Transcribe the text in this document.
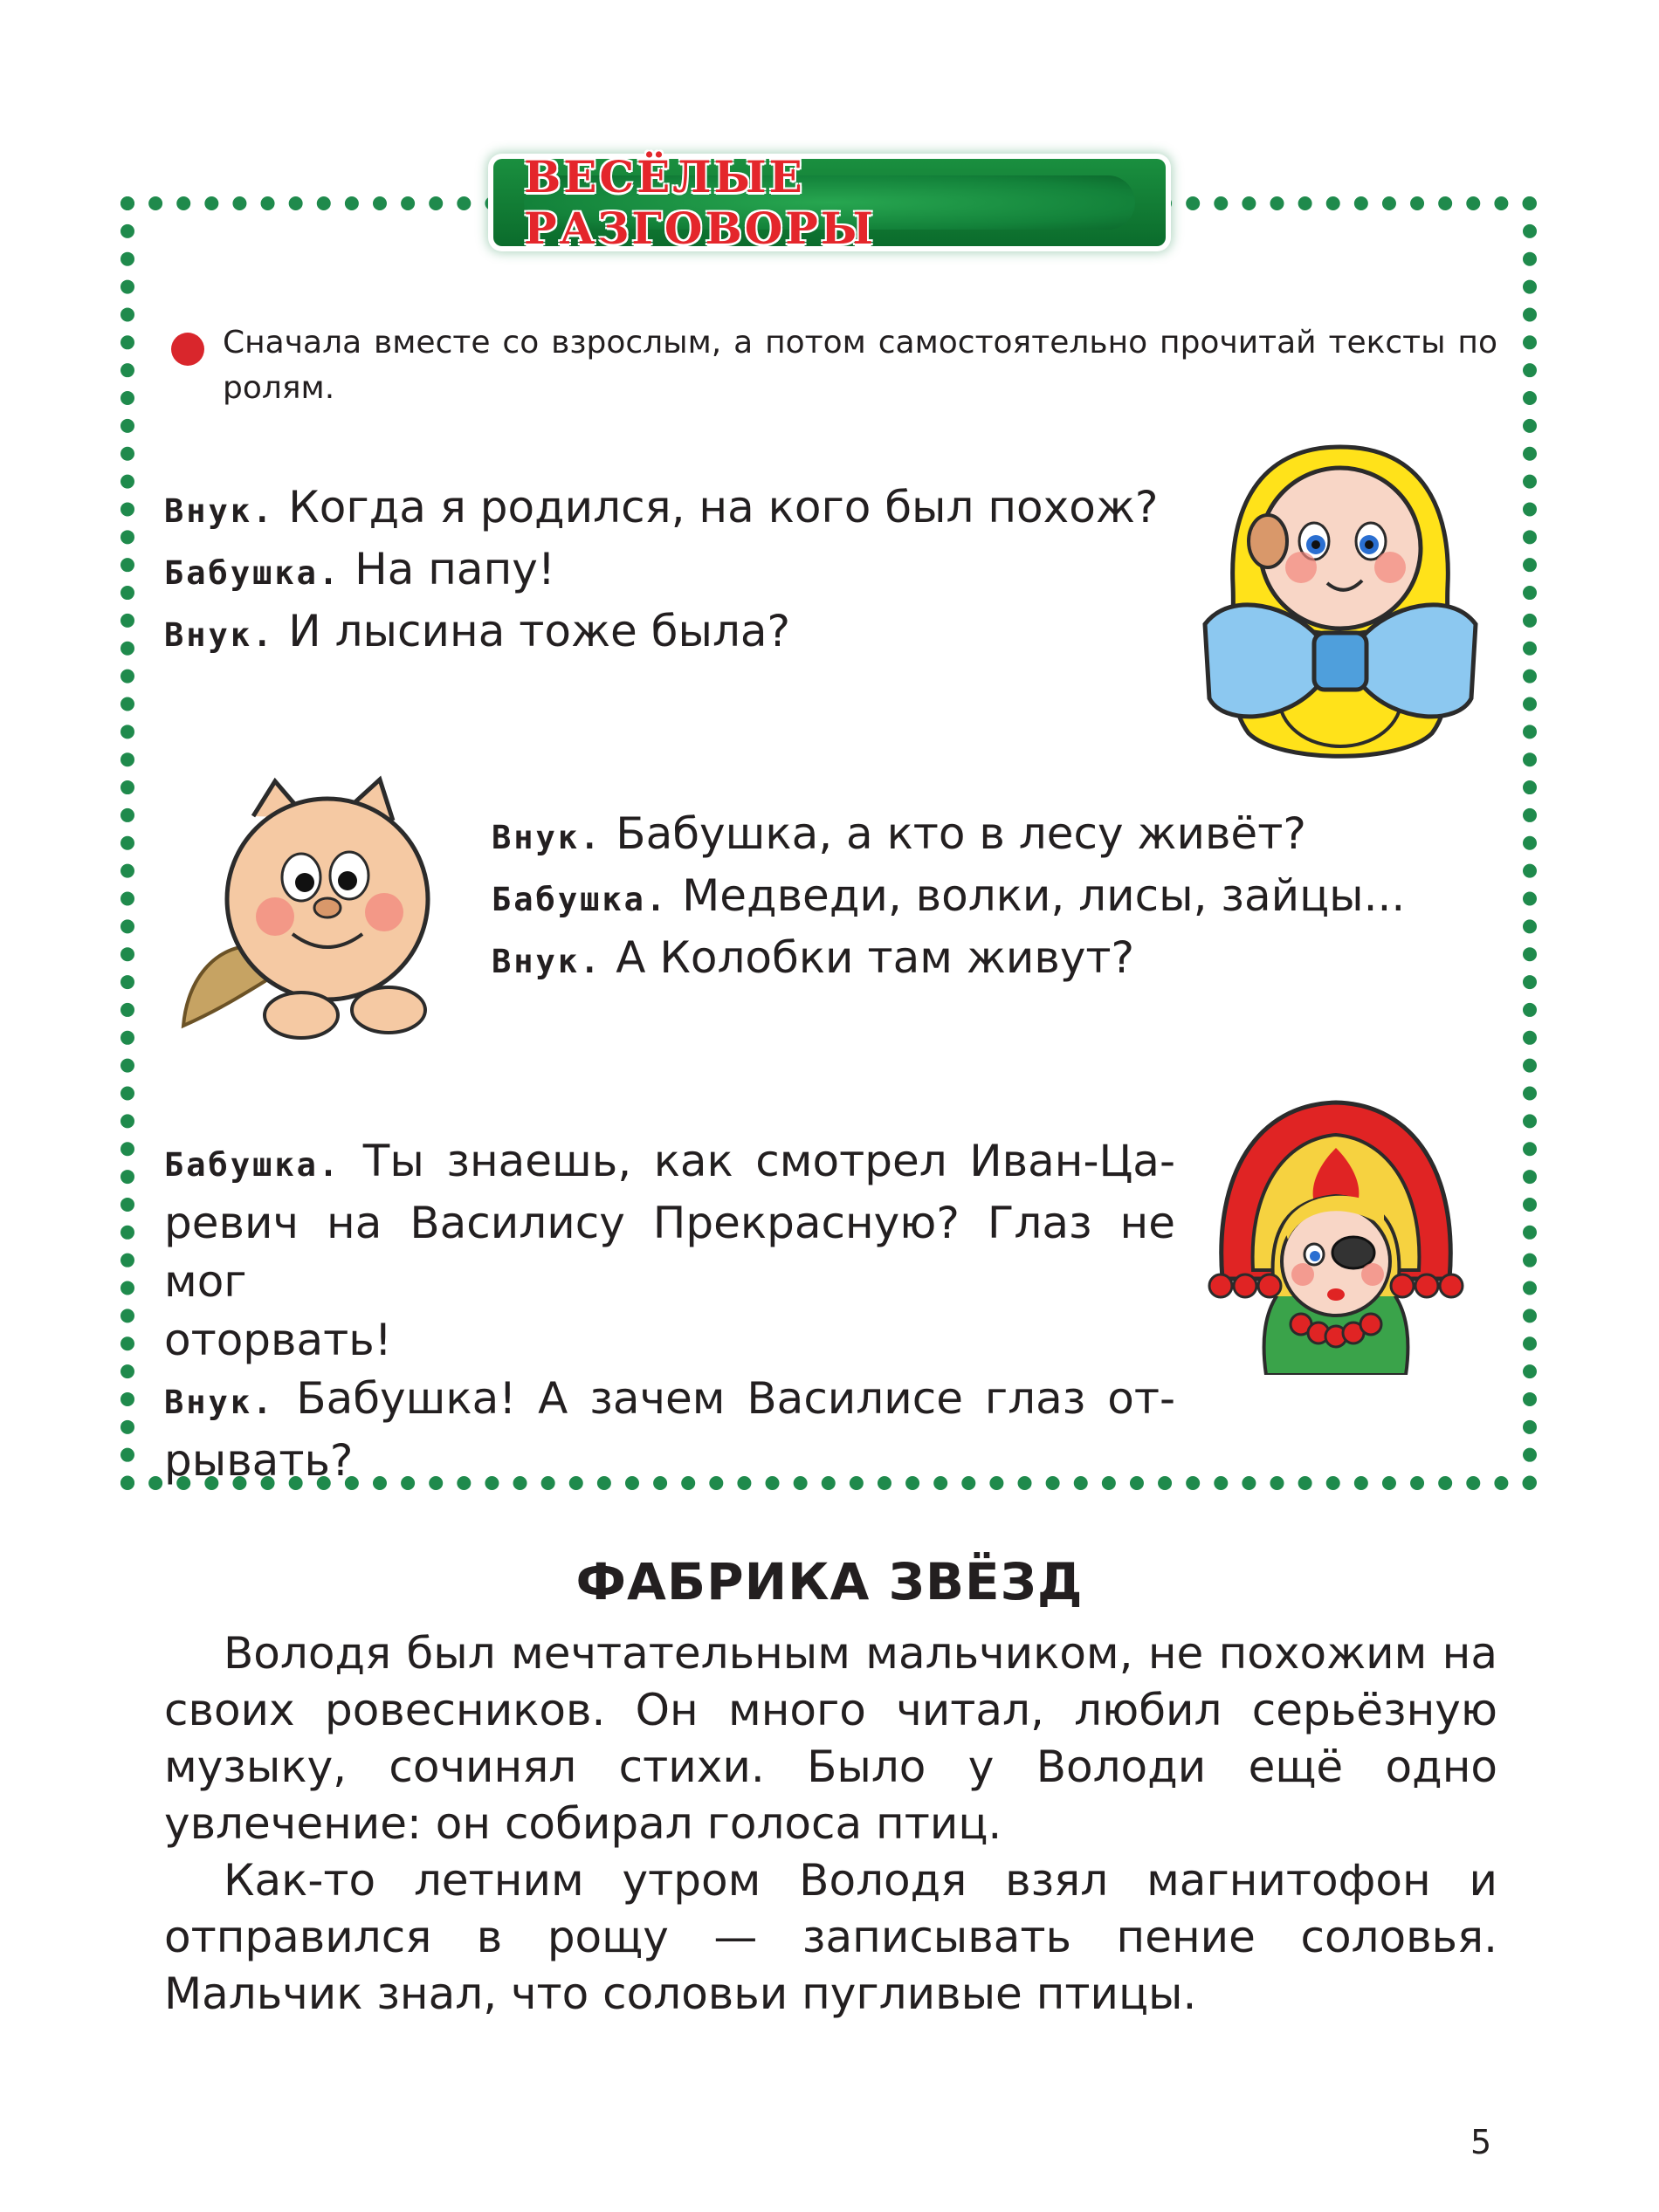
ВЕСЁЛЫЕ РАЗГОВОРЫ
Сначала вместе со взрослым, а потом самостоятельно прочитай тексты по ролям.
Внук. Когда я родился, на кого был похож?
Бабушка. На папу!
Внук. И лысина тоже была?
Внук. Бабушка, а кто в лесу живёт?
Бабушка. Медведи, волки, лисы, зайцы...
Внук. А Колобки там живут?
Бабушка. Ты знаешь, как смотрел Иван-Ца-
ревич на Василису Прекрасную? Глаз не мог
оторвать!
Внук. Бабушка! А зачем Василисе глаз от-
рывать?
ФАБРИКА ЗВЁЗД

Володя был мечтательным мальчиком, не похожим на своих ровесников. Он много читал, любил серьёзную музыку, сочинял стихи. Было у Володи ещё одно увлечение: он собирал голоса птиц.

Как-то летним утром Володя взял магнитофон и отправился в рощу — записывать пение соловья. Мальчик знал, что соловьи пугливые птицы.

5
